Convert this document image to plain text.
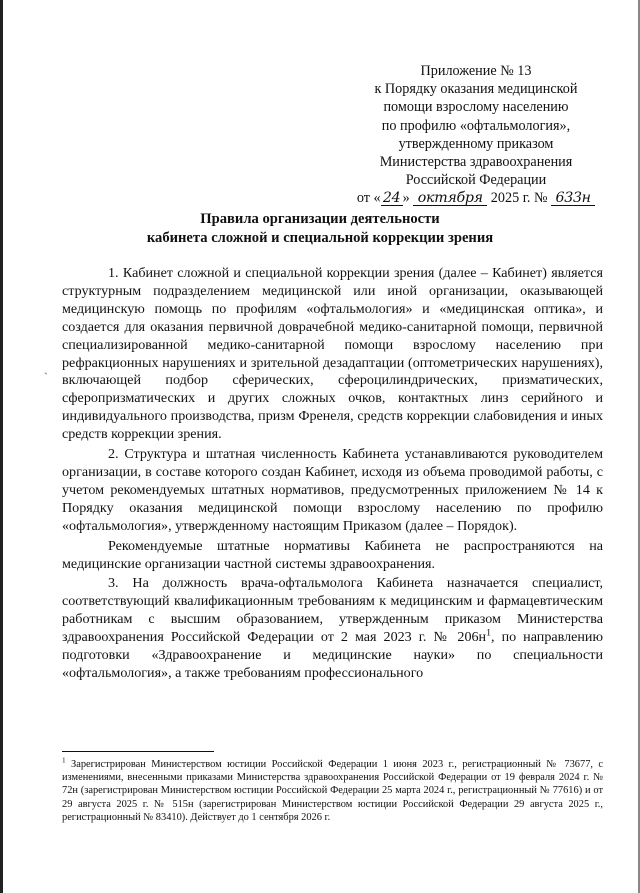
Приложение № 13
к Порядку оказания медицинской
помощи взрослому населению
по профилю «офтальмология»,
утвержденному приказом
Министерства здравоохранения
Российской Федерации
от « 24 » октября 2025 г. № 633н
Правила организации деятельности
кабинета сложной и специальной коррекции зрения
ˎ

1. Кабинет сложной и специальной коррекции зрения (далее – Кабинет) является структурным подразделением медицинской или иной организации, оказывающей медицинскую помощь по профилям «офтальмология» и «медицинская оптика», и создается для оказания первичной доврачебной медико-санитарной помощи, первичной специализированной медико-санитарной помощи взрослому населению при рефракционных нарушениях и зрительной дезадаптации (оптометрических нарушениях), включающей подбор сферических, сфероцилиндрических, призматических, сферопризматических и других сложных очков, контактных линз серийного и индивидуального производства, призм Френеля, средств коррекции слабовидения и иных средств коррекции зрения.

2. Структура и штатная численность Кабинета устанавливаются руководителем организации, в составе которого создан Кабинет, исходя из объема проводимой работы, с учетом рекомендуемых штатных нормативов, предусмотренных приложением № 14 к Порядку оказания медицинской помощи взрослому населению по профилю «офтальмология», утвержденному настоящим Приказом (далее – Порядок).

Рекомендуемые штатные нормативы Кабинета не распространяются на медицинские организации частной системы здравоохранения.

3. На должность врача-офтальмолога Кабинета назначается специалист, соответствующий квалификационным требованиям к медицинским и фармацевтическим работникам с высшим образованием, утвержденным приказом Министерства здравоохранения Российской Федерации от 2 мая 2023 г. № $206н^1$, по направлению подготовки «Здравоохранение и медицинские науки» по специальности «офтальмология», а также требованиям профессионального

$^1$ Зарегистрирован Министерством юстиции Российской Федерации 1 июня 2023 г., регистрационный № 73677, с изменениями, внесенными приказами Министерства здравоохранения Российской Федерации от 19 февраля 2024 г. № 72н (зарегистрирован Министерством юстиции Российской Федерации 25 марта 2024 г., регистрационный № 77616) и от 29 августа 2025 г. № 515н (зарегистрирован Министерством юстиции Российской Федерации 29 августа 2025 г., регистрационный № 83410). Действует до 1 сентября 2026 г.
